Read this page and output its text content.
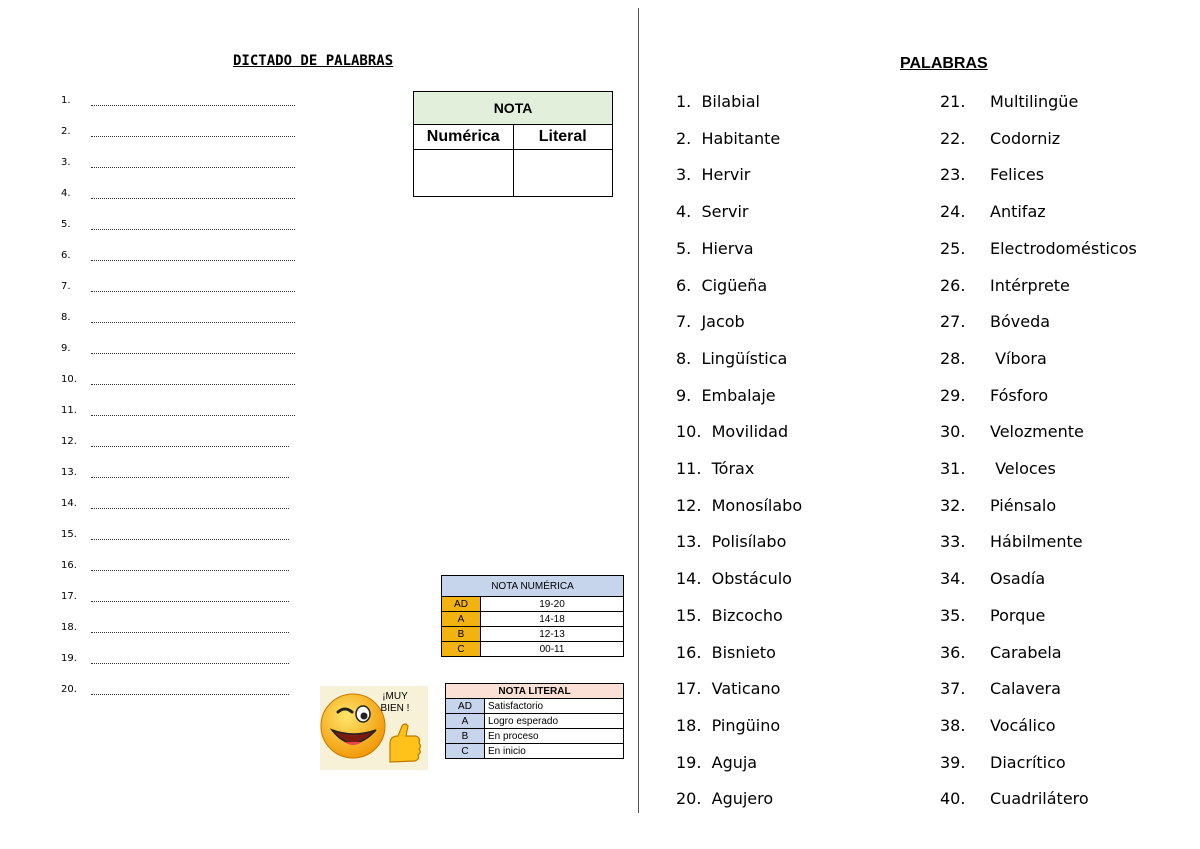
DICTADO DE PALABRAS
1.
2.
3.
4.
5.
6.
7.
8.
9.
10.
11.
12.
13.
14.
15.
16.
17.
18.
19.
20.
NOTA
Numérica	Literal
NOTA NUMÉRICA	
AD	19-20
A	14-18
B	12-13
C	00-11
¡MUY
BIEN !
NOTA LITERAL	
AD	Satisfactorio
A	Logro esperado
B	En proceso
C	En inicio
PALABRAS
1.  Bilabial	21. Multilingüe
2.  Habitante	22. Codorniz
3.  Hervir	23. Felices
4.  Servir	24. Antifaz
5.  Hierva	25. Electrodomésticos
6.  Cigüeña	26. Intérprete
7.  Jacob	27. Bóveda
8.  Lingüística	28. Víbora
9.  Embalaje	29. Fósforo
10.  Movilidad	30. Velozmente
11.  Tórax	31. Veloces
12.  Monosílabo	32. Piénsalo
13.  Polisílabo	33. Hábilmente
14.  Obstáculo	34. Osadía
15.  Bizcocho	35. Porque
16.  Bisnieto	36. Carabela
17.  Vaticano	37. Calavera
18.  Pingüino	38. Vocálico
19.  Aguja	39. Diacrítico
20.  Agujero	40. Cuadrilátero
